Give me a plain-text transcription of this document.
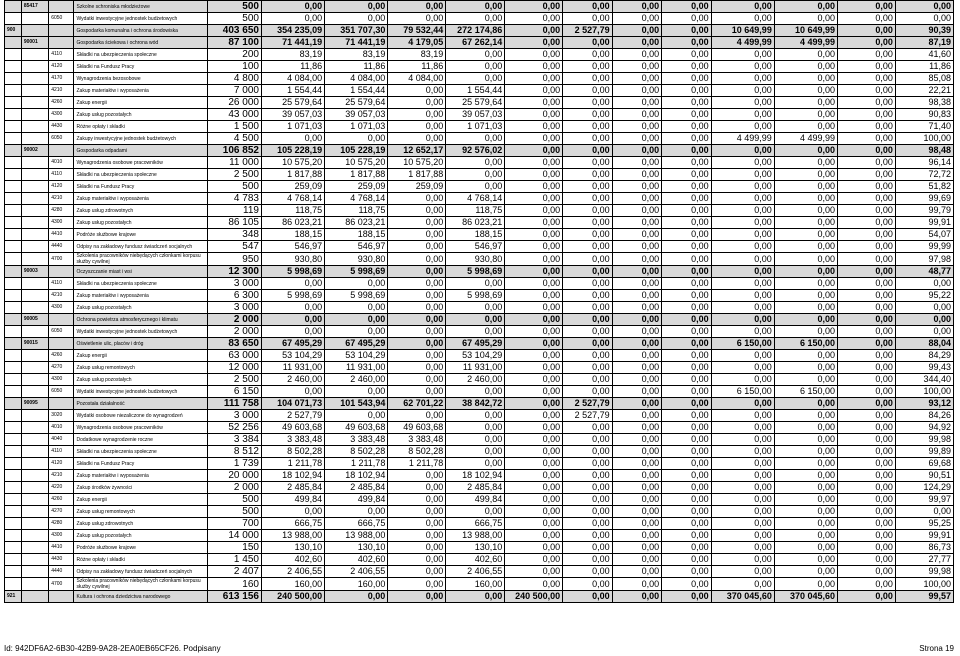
	85417		Szkolne schroniska młodzieżowe	500	0,00	0,00	0,00	0,00	0,00	0,00	0,00	0,00	0,00	0,00	0,00	0,00
		6050	Wydatki inwestycyjne jednostek budżetowych	500	0,00	0,00	0,00	0,00	0,00	0,00	0,00	0,00	0,00	0,00	0,00	0,00
900			Gospodarka komunalna i ochrona środowiska	403 650	354 235,09	351 707,30	79 532,44	272 174,86	0,00	2 527,79	0,00	0,00	10 649,99	10 649,99	0,00	90,39
	90001		Gospodarka ściekowa i ochrona wód	87 100	71 441,19	71 441,19	4 179,05	67 262,14	0,00	0,00	0,00	0,00	4 499,99	4 499,99	0,00	87,19
		4110	Składki na ubezpieczenia społeczne	200	83,19	83,19	83,19	0,00	0,00	0,00	0,00	0,00	0,00	0,00	0,00	41,60
		4120	Składki na Fundusz Pracy	100	11,86	11,86	11,86	0,00	0,00	0,00	0,00	0,00	0,00	0,00	0,00	11,86
		4170	Wynagrodzenia bezosobowe	4 800	4 084,00	4 084,00	4 084,00	0,00	0,00	0,00	0,00	0,00	0,00	0,00	0,00	85,08
		4210	Zakup materiałów i wyposażenia	7 000	1 554,44	1 554,44	0,00	1 554,44	0,00	0,00	0,00	0,00	0,00	0,00	0,00	22,21
		4260	Zakup energii	26 000	25 579,64	25 579,64	0,00	25 579,64	0,00	0,00	0,00	0,00	0,00	0,00	0,00	98,38
		4300	Zakup usług pozostałych	43 000	39 057,03	39 057,03	0,00	39 057,03	0,00	0,00	0,00	0,00	0,00	0,00	0,00	90,83
		4430	Różne opłaty i składki	1 500	1 071,03	1 071,03	0,00	1 071,03	0,00	0,00	0,00	0,00	0,00	0,00	0,00	71,40
		6050	Zakupy inwestycyjne jednostek budżetowych	4 500	0,00	0,00	0,00	0,00	0,00	0,00	0,00	0,00	4 499,99	4 499,99	0,00	100,00
	90002		Gospodarka odpadami	106 852	105 228,19	105 228,19	12 652,17	92 576,02	0,00	0,00	0,00	0,00	0,00	0,00	0,00	98,48
		4010	Wynagrodzenia osobowe pracowników	11 000	10 575,20	10 575,20	10 575,20	0,00	0,00	0,00	0,00	0,00	0,00	0,00	0,00	96,14
		4110	Składki na ubezpieczenia społeczne	2 500	1 817,88	1 817,88	1 817,88	0,00	0,00	0,00	0,00	0,00	0,00	0,00	0,00	72,72
		4120	Składki na Fundusz Pracy	500	259,09	259,09	259,09	0,00	0,00	0,00	0,00	0,00	0,00	0,00	0,00	51,82
		4210	Zakup materiałów i wyposażenia	4 783	4 768,14	4 768,14	0,00	4 768,14	0,00	0,00	0,00	0,00	0,00	0,00	0,00	99,69
		4280	Zakup usług zdrowotnych	119	118,75	118,75	0,00	118,75	0,00	0,00	0,00	0,00	0,00	0,00	0,00	99,79
		4300	Zakup usług pozostałych	86 105	86 023,21	86 023,21	0,00	86 023,21	0,00	0,00	0,00	0,00	0,00	0,00	0,00	99,91
		4410	Podróże służbowe krajowe	348	188,15	188,15	0,00	188,15	0,00	0,00	0,00	0,00	0,00	0,00	0,00	54,07
		4440	Odpisy na zakładowy fundusz świadczeń socjalnych	547	546,97	546,97	0,00	546,97	0,00	0,00	0,00	0,00	0,00	0,00	0,00	99,99
		4700	Szkolenia pracowników niebędących członkami korpusu służby cywilnej	950	930,80	930,80	0,00	930,80	0,00	0,00	0,00	0,00	0,00	0,00	0,00	97,98
	90003		Oczyszczanie miast i wsi	12 300	5 998,69	5 998,69	0,00	5 998,69	0,00	0,00	0,00	0,00	0,00	0,00	0,00	48,77
		4110	Składki na ubezpieczenia społeczne	3 000	0,00	0,00	0,00	0,00	0,00	0,00	0,00	0,00	0,00	0,00	0,00	0,00
		4210	Zakup materiałów i wyposażenia	6 300	5 998,69	5 998,69	0,00	5 998,69	0,00	0,00	0,00	0,00	0,00	0,00	0,00	95,22
		4300	Zakup usług pozostałych	3 000	0,00	0,00	0,00	0,00	0,00	0,00	0,00	0,00	0,00	0,00	0,00	0,00
	90005		Ochrona powietrza atmosferycznego i klimatu	2 000	0,00	0,00	0,00	0,00	0,00	0,00	0,00	0,00	0,00	0,00	0,00	0,00
		6050	Wydatki inwestycyjne jednostek budżetowych	2 000	0,00	0,00	0,00	0,00	0,00	0,00	0,00	0,00	0,00	0,00	0,00	0,00
	90015		Oświetlenie ulic, placów i dróg	83 650	67 495,29	67 495,29	0,00	67 495,29	0,00	0,00	0,00	0,00	6 150,00	6 150,00	0,00	88,04
		4260	Zakup energii	63 000	53 104,29	53 104,29	0,00	53 104,29	0,00	0,00	0,00	0,00	0,00	0,00	0,00	84,29
		4270	Zakup usług remontowych	12 000	11 931,00	11 931,00	0,00	11 931,00	0,00	0,00	0,00	0,00	0,00	0,00	0,00	99,43
		4300	Zakup usług pozostałych	2 500	2 460,00	2 460,00	0,00	2 460,00	0,00	0,00	0,00	0,00	0,00	0,00	0,00	344,40
		6050	Wydatki inwestycyjne jednostek budżetowych	6 150	0,00	0,00	0,00	0,00	0,00	0,00	0,00	0,00	6 150,00	6 150,00	0,00	100,00
	90095		Pozostała działalność	111 758	104 071,73	101 543,94	62 701,22	38 842,72	0,00	2 527,79	0,00	0,00	0,00	0,00	0,00	93,12
		3020	Wydatki osobowe niezaliczone do wynagrodzeń	3 000	2 527,79	0,00	0,00	0,00	0,00	2 527,79	0,00	0,00	0,00	0,00	0,00	84,26
		4010	Wynagrodzenia osobowe pracowników	52 256	49 603,68	49 603,68	49 603,68	0,00	0,00	0,00	0,00	0,00	0,00	0,00	0,00	94,92
		4040	Dodatkowe wynagrodzenie roczne	3 384	3 383,48	3 383,48	3 383,48	0,00	0,00	0,00	0,00	0,00	0,00	0,00	0,00	99,98
		4110	Składki na ubezpieczenia społeczne	8 512	8 502,28	8 502,28	8 502,28	0,00	0,00	0,00	0,00	0,00	0,00	0,00	0,00	99,89
		4120	Składki na Fundusz Pracy	1 739	1 211,78	1 211,78	1 211,78	0,00	0,00	0,00	0,00	0,00	0,00	0,00	0,00	69,68
		4210	Zakup materiałów i wyposażenia	20 000	18 102,94	18 102,94	0,00	18 102,94	0,00	0,00	0,00	0,00	0,00	0,00	0,00	90,51
		4220	Zakup środków żywności	2 000	2 485,84	2 485,84	0,00	2 485,84	0,00	0,00	0,00	0,00	0,00	0,00	0,00	124,29
		4260	Zakup energii	500	499,84	499,84	0,00	499,84	0,00	0,00	0,00	0,00	0,00	0,00	0,00	99,97
		4270	Zakup usług remontowych	500	0,00	0,00	0,00	0,00	0,00	0,00	0,00	0,00	0,00	0,00	0,00	0,00
		4280	Zakup usług zdrowotnych	700	666,75	666,75	0,00	666,75	0,00	0,00	0,00	0,00	0,00	0,00	0,00	95,25
		4300	Zakup usług pozostałych	14 000	13 988,00	13 988,00	0,00	13 988,00	0,00	0,00	0,00	0,00	0,00	0,00	0,00	99,91
		4410	Podróże służbowe krajowe	150	130,10	130,10	0,00	130,10	0,00	0,00	0,00	0,00	0,00	0,00	0,00	86,73
		4430	Różne opłaty i składki	1 450	402,60	402,60	0,00	402,60	0,00	0,00	0,00	0,00	0,00	0,00	0,00	27,77
		4440	Odpisy na zakładowy fundusz świadczeń socjalnych	2 407	2 406,55	2 406,55	0,00	2 406,55	0,00	0,00	0,00	0,00	0,00	0,00	0,00	99,98
		4700	Szkolenia pracowników niebędących członkami korpusu służby cywilnej	160	160,00	160,00	0,00	160,00	0,00	0,00	0,00	0,00	0,00	0,00	0,00	100,00
921			Kultura i ochrona dziedzictwa narodowego	613 156	240 500,00	0,00	0,00	0,00	240 500,00	0,00	0,00	0,00	370 045,60	370 045,60	0,00	99,57
Id: 942DF6A2-6B30-42B9-9A28-2EA0EB65CF26. Podpisany	Strona 19
